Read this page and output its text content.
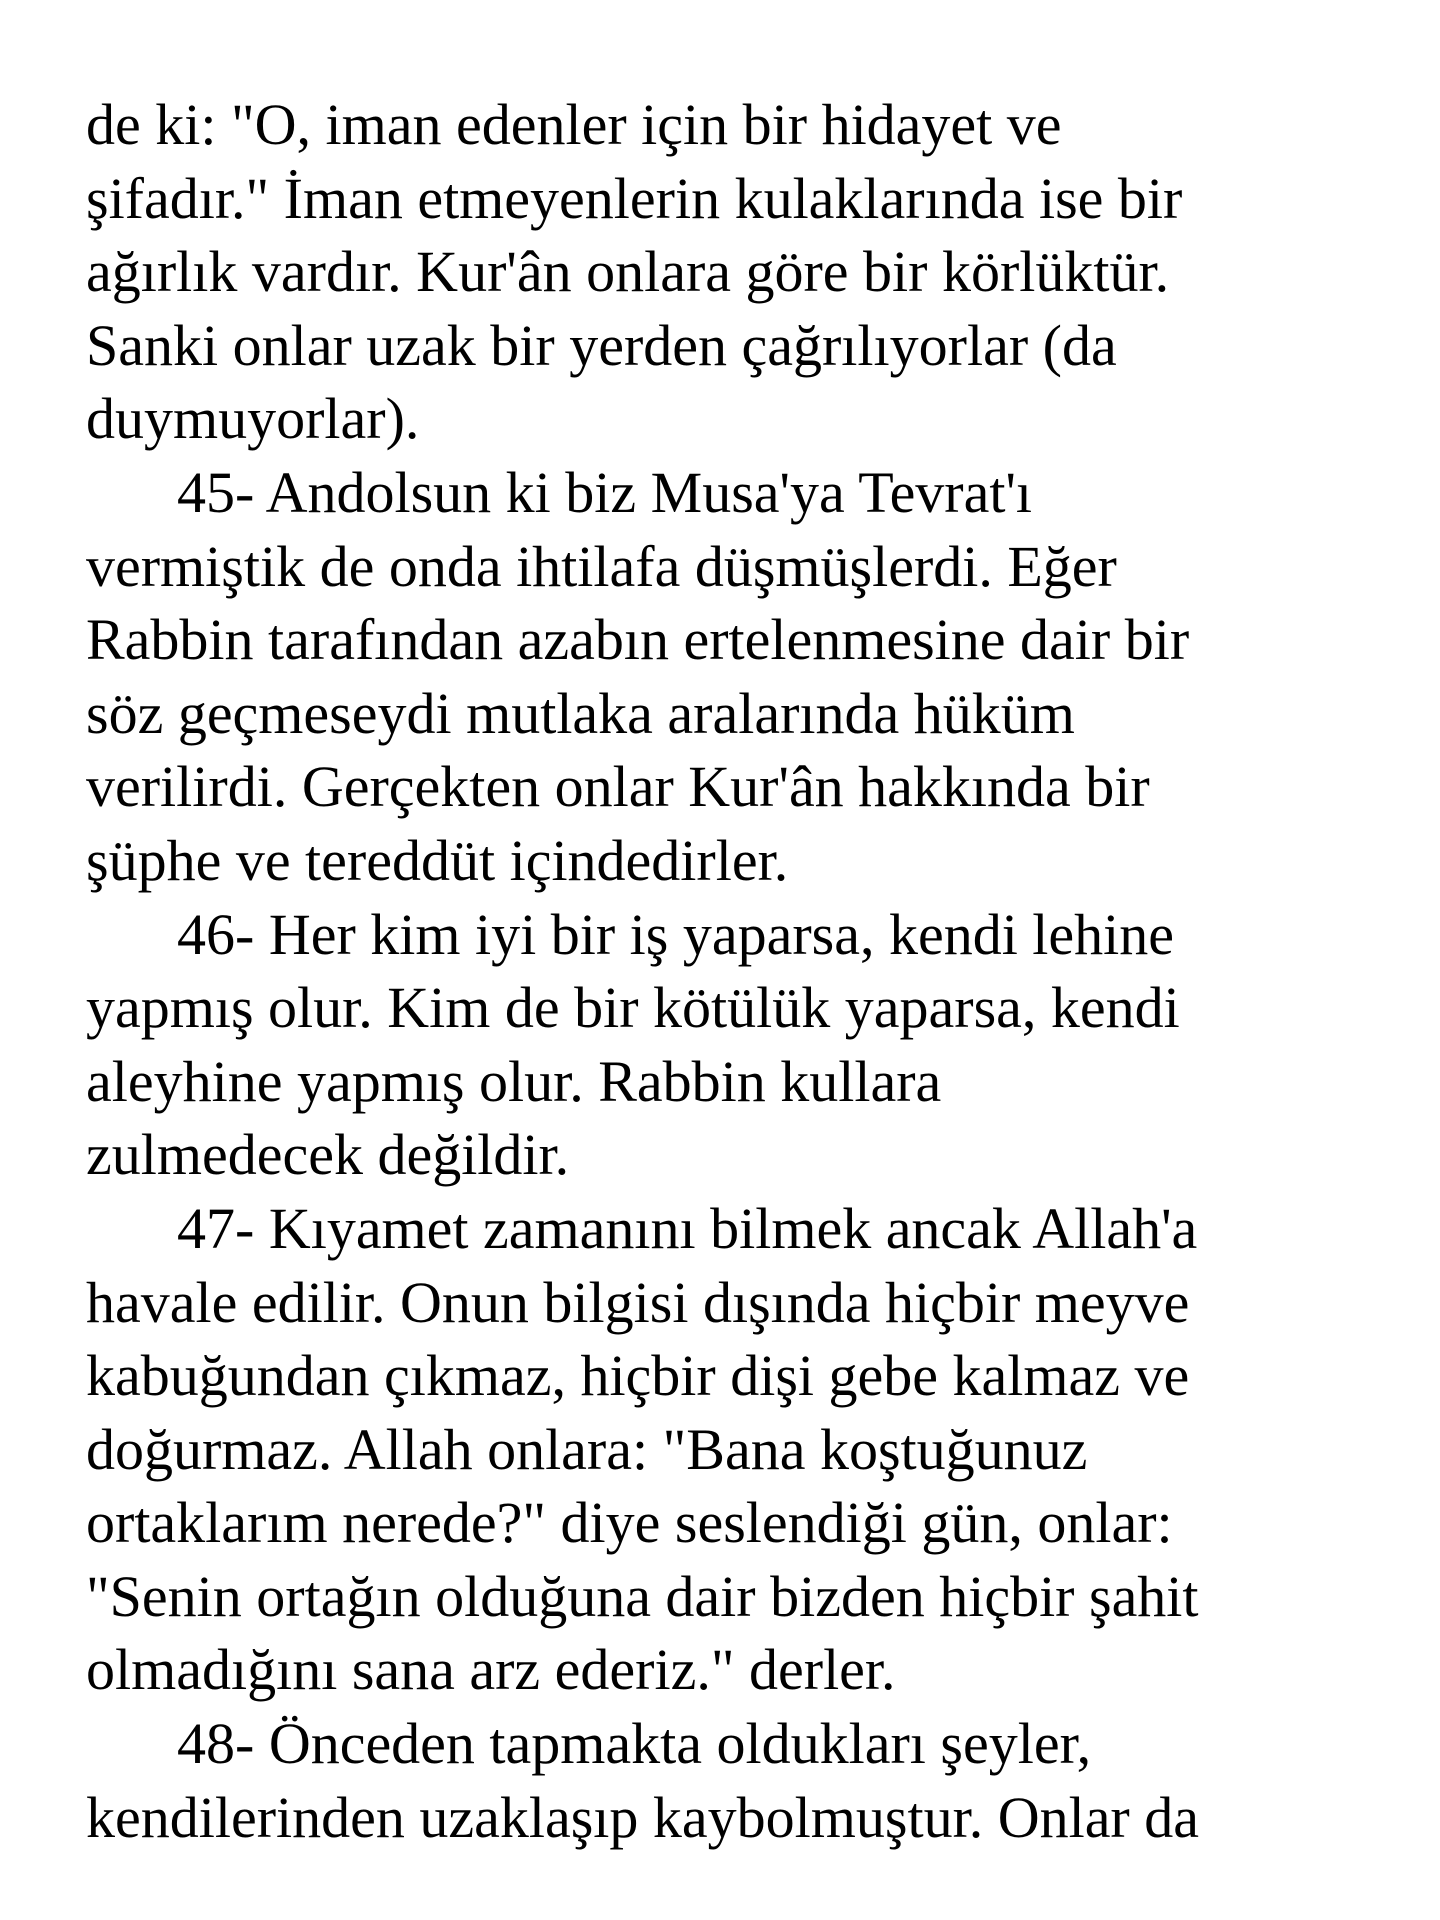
de ki: "O, iman edenler için bir hidayet ve
şifadır." İman etmeyenlerin kulaklarında ise bir
ağırlık vardır. Kur'ân onlara göre bir körlüktür.
Sanki onlar uzak bir yerden çağrılıyorlar (da
duymuyorlar).
45- Andolsun ki biz Musa'ya Tevrat'ı
vermiştik de onda ihtilafa düşmüşlerdi. Eğer
Rabbin tarafından azabın ertelenmesine dair bir
söz geçmeseydi mutlaka aralarında hüküm
verilirdi. Gerçekten onlar Kur'ân hakkında bir
şüphe ve tereddüt içindedirler.
46- Her kim iyi bir iş yaparsa, kendi lehine
yapmış olur. Kim de bir kötülük yaparsa, kendi
aleyhine yapmış olur. Rabbin kullara
zulmedecek değildir.
47- Kıyamet zamanını bilmek ancak Allah'a
havale edilir. Onun bilgisi dışında hiçbir meyve
kabuğundan çıkmaz, hiçbir dişi gebe kalmaz ve
doğurmaz. Allah onlara: "Bana koştuğunuz
ortaklarım nerede?" diye seslendiği gün, onlar:
"Senin ortağın olduğuna dair bizden hiçbir şahit
olmadığını sana arz ederiz." derler.
48- Önceden tapmakta oldukları şeyler,
kendilerinden uzaklaşıp kaybolmuştur. Onlar da
